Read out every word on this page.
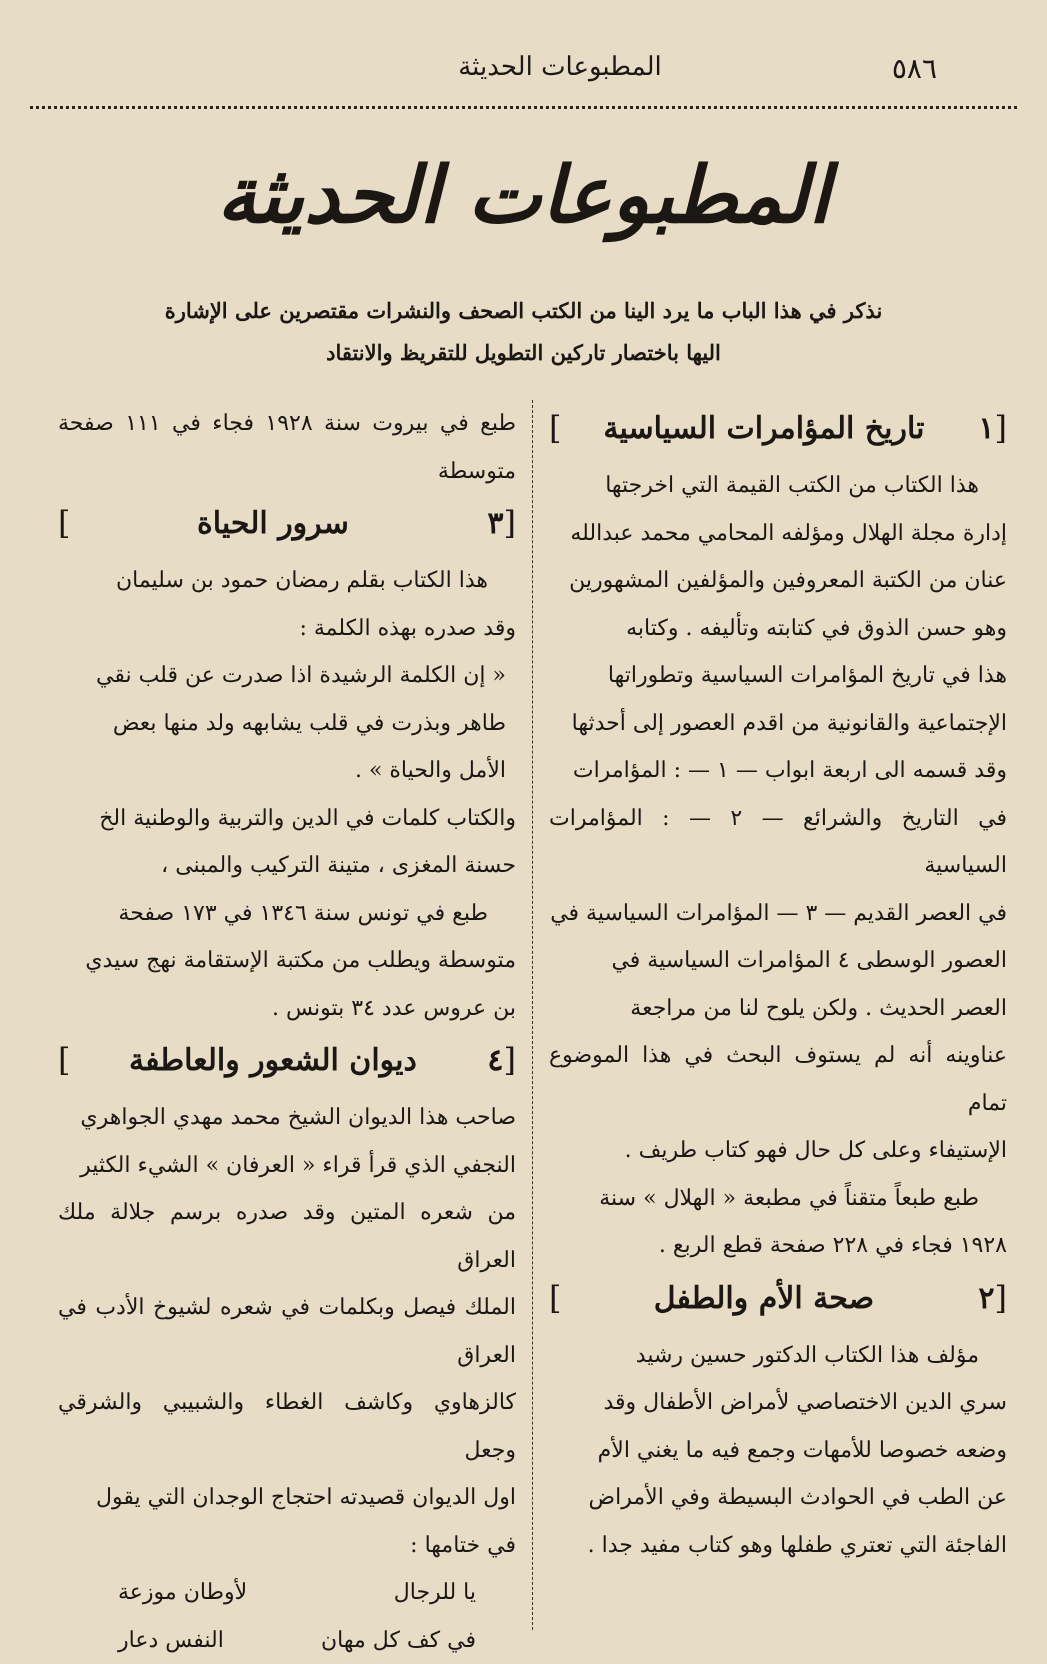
٥٨٦
المطبوعات الحديثة
المطبوعات الحديثة
نذكر في هذا الباب ما يرد الينا من الكتب الصحف والنشرات مقتصرين على الإشارة
اليها باختصار تاركين التطويل للتقريظ والانتقاد
[
١
تاريخ المؤامرات السياسية
]

هذا الكتاب من الكتب القيمة التي اخرجتها

إدارة مجلة الهلال ومؤلفه المحامي محمد عبدالله

عنان من الكتبة المعروفين والمؤلفين المشهورين

وهو حسن الذوق في كتابته وتأليفه . وكتابه

هذا في تاريخ المؤامرات السياسية وتطوراتها

الإجتماعية والقانونية من اقدم العصور إلى أحدثها

وقد قسمه الى اربعة ابواب — ١ — : المؤامرات

في التاريخ والشرائع — ٢ — : المؤامرات السياسية

في العصر القديم — ٣ — المؤامرات السياسية في

العصور الوسطى ٤ المؤامرات السياسية في

العصر الحديث . ولكن يلوح لنا من مراجعة

عناوينه أنه لم يستوف البحث في هذا الموضوع تمام

الإستيفاء وعلى كل حال فهو كتاب طريف .

طبع طبعاً متقناً في مطبعة « الهلال » سنة

١٩٢٨ فجاء في ٢٢٨ صفحة قطع الربع .

[
٢
صحة الأم والطفل
]

مؤلف هذا الكتاب الدكتور حسين رشيد

سري الدين الاختصاصي لأمراض الأطفال وقد

وضعه خصوصا للأمهات وجمع فيه ما يغني الأم

عن الطب في الحوادث البسيطة وفي الأمراض

الفاجئة التي تعتري طفلها وهو كتاب مفيد جدا .

طبع في بيروت سنة ١٩٢٨ فجاء في ١١١ صفحة متوسطة

[
٣
سرور الحياة
]

هذا الكتاب بقلم رمضان حمود بن سليمان

وقد صدره بهذه الكلمة :

« إن الكلمة الرشيدة اذا صدرت عن قلب نقي

طاهر وبذرت في قلب يشابهه ولد منها بعض

الأمل والحياة » .

والكتاب كلمات في الدين والتربية والوطنية الخ

حسنة المغزى ، متينة التركيب والمبنى ،

طبع في تونس سنة ١٣٤٦ في ١٧٣ صفحة

متوسطة ويطلب من مكتبة الإستقامة نهج سيدي

بن عروس عدد ٣٤ بتونس .

[
٤
ديوان الشعور والعاطفة
]

صاحب هذا الديوان الشيخ محمد مهدي الجواهري

النجفي الذي قرأ قراء « العرفان » الشيء الكثير

من شعره المتين وقد صدره برسم جلالة ملك العراق

الملك فيصل وبكلمات في شعره لشيوخ الأدب في العراق

كالزهاوي وكاشف الغطاء والشبيبي والشرقي وجعل

اول الديوان قصيدته احتجاج الوجدان التي يقول

في ختامها :

يا للرجال
لأوطان موزعة
في كف كل مهان
النفس دعار
